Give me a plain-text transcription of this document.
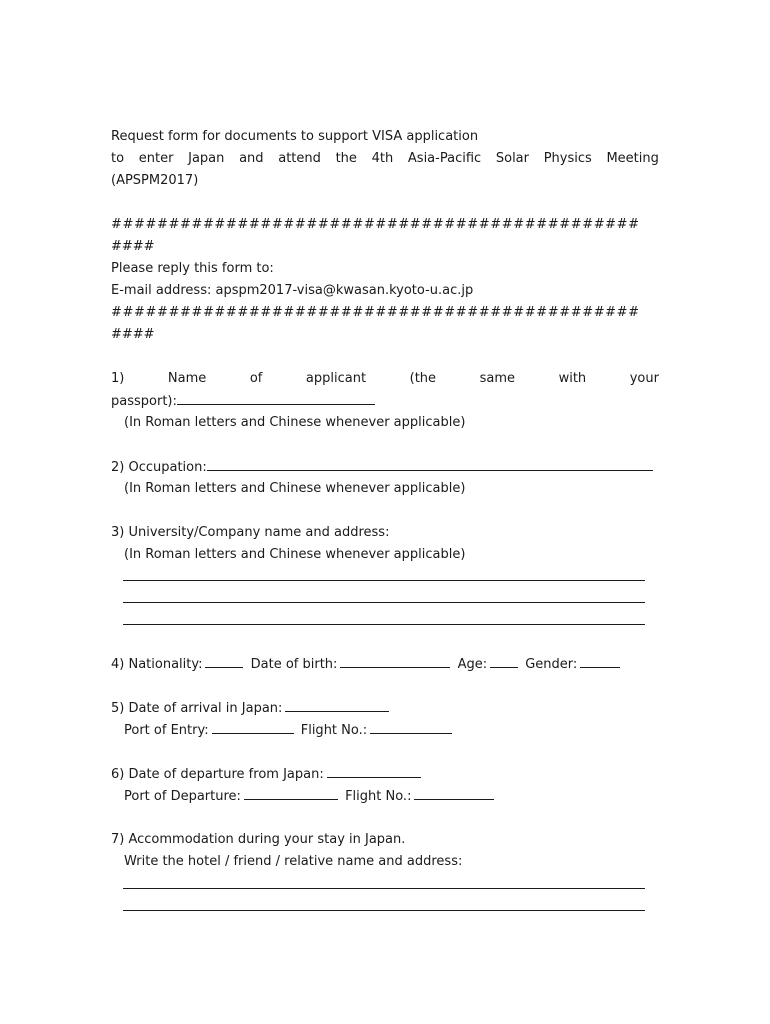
Request form for documents to support VISA application
to enter Japan and attend the 4th Asia-Pacific Solar Physics Meeting
(APSPM2017)
##############################################
####
Please reply this form to:
E-mail address: apspm2017-visa@kwasan.kyoto-u.ac.jp
##############################################
####
1)	Name	of	applicant	(the	same	with	your
passport):
(In Roman letters and Chinese whenever applicable)
2) Occupation:
(In Roman letters and Chinese whenever applicable)
3) University/Company name and address:
(In Roman letters and Chinese whenever applicable)
4) Nationality:	Date of birth:	Age:	Gender:
5) Date of arrival in Japan:
Port of Entry:	Flight No.:
6) Date of departure from Japan:
Port of Departure:	Flight No.:
7) Accommodation during your stay in Japan.
Write the hotel / friend / relative name and address:
